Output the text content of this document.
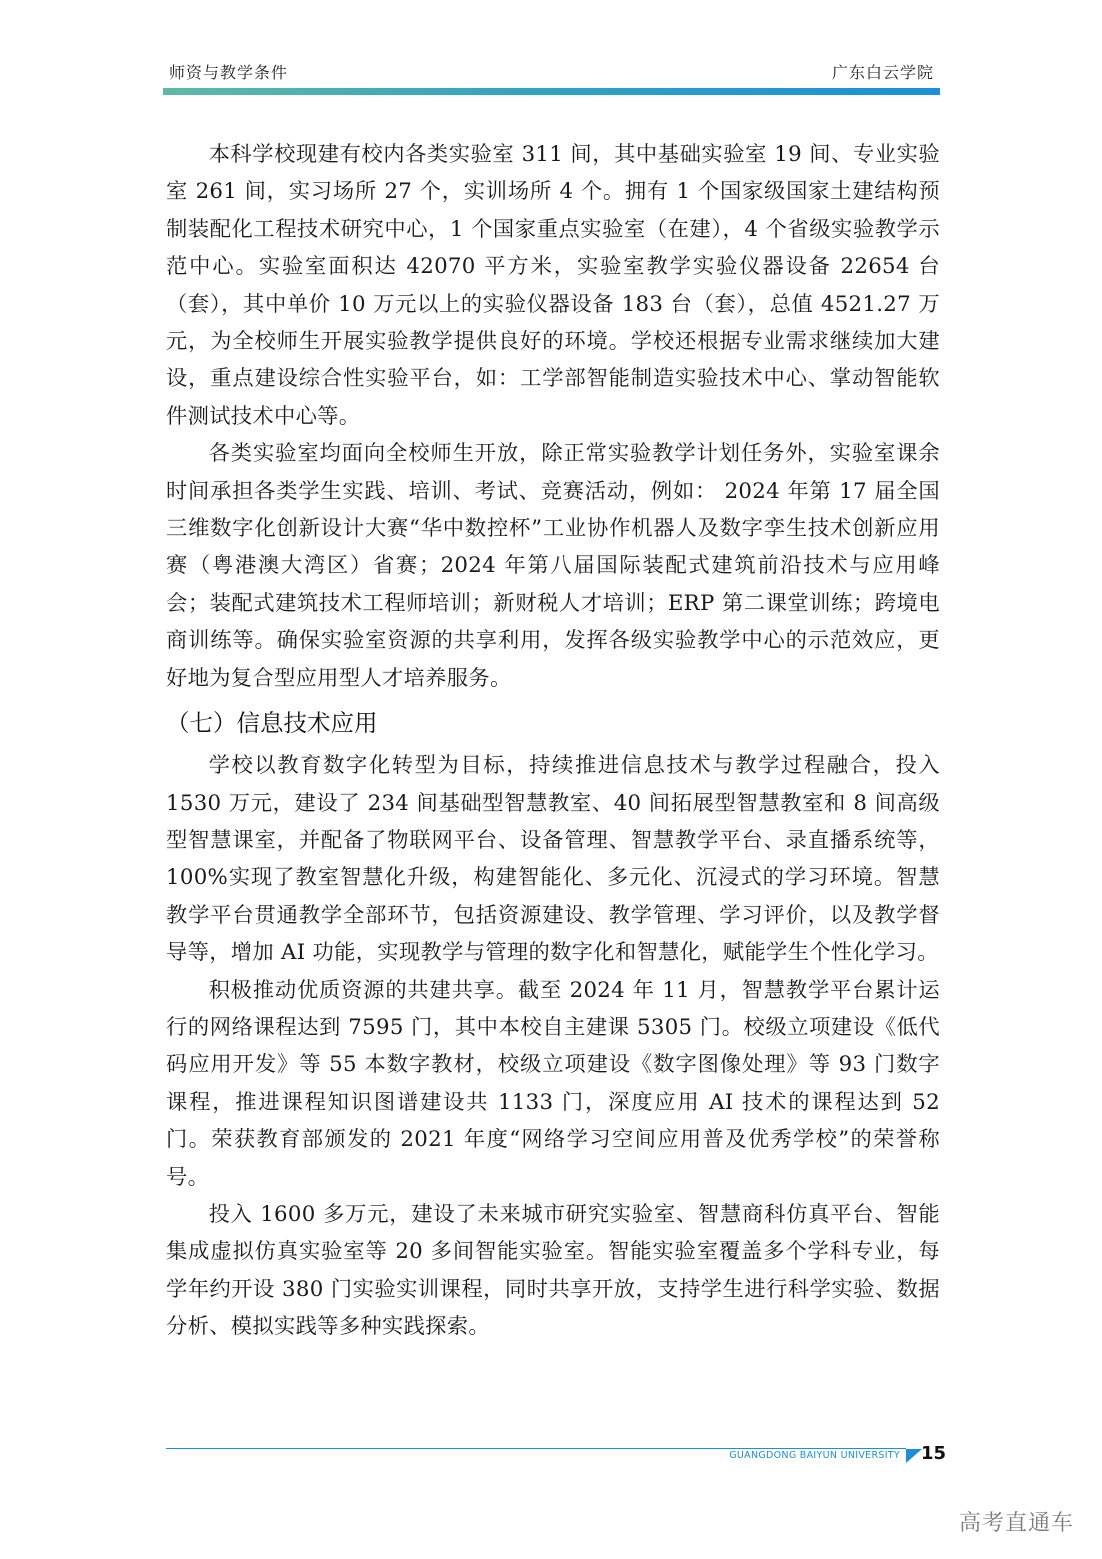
师资与教学条件	广东白云学院

本科学校现建有校内各类实验室 311 间，其中基础实验室 19 间、专业实验室 261 间，实习场所 27 个，实训场所 4 个。拥有 1 个国家级国家土建结构预制装配化工程技术研究中心，1 个国家重点实验室（在建），4 个省级实验教学示范中心。实验室面积达 42070 平方米，实验室教学实验仪器设备 22654 台（套），其中单价 10 万元以上的实验仪器设备 183 台（套），总值 4521.27 万元，为全校师生开展实验教学提供良好的环境。学校还根据专业需求继续加大建设，重点建设综合性实验平台，如：工学部智能制造实验技术中心、掌动智能软件测试技术中心等。

各类实验室均面向全校师生开放，除正常实验教学计划任务外，实验室课余时间承担各类学生实践、培训、考试、竞赛活动，例如： 2024 年第 17 届全国三维数字化创新设计大赛“华中数控杯”工业协作机器人及数字孪生技术创新应用赛（粤港澳大湾区）省赛；2024 年第八届国际装配式建筑前沿技术与应用峰会；装配式建筑技术工程师培训；新财税人才培训；ERP 第二课堂训练；跨境电商训练等。确保实验室资源的共享利用，发挥各级实验教学中心的示范效应，更好地为复合型应用型人才培养服务。

（七）信息技术应用

学校以教育数字化转型为目标，持续推进信息技术与教学过程融合，投入 1530 万元，建设了 234 间基础型智慧教室、40 间拓展型智慧教室和 8 间高级型智慧课室，并配备了物联网平台、设备管理、智慧教学平台、录直播系统等，100%实现了教室智慧化升级，构建智能化、多元化、沉浸式的学习环境。智慧教学平台贯通教学全部环节，包括资源建设、教学管理、学习评价，以及教学督导等，增加 AI 功能，实现教学与管理的数字化和智慧化，赋能学生个性化学习。

积极推动优质资源的共建共享。截至 2024 年 11 月，智慧教学平台累计运行的网络课程达到 7595 门，其中本校自主建课 5305 门。校级立项建设《低代码应用开发》等 55 本数字教材，校级立项建设《数字图像处理》等 93 门数字课程，推进课程知识图谱建设共 1133 门，深度应用 AI 技术的课程达到 52 门。荣获教育部颁发的 2021 年度“网络学习空间应用普及优秀学校”的荣誉称号。

投入 1600 多万元，建设了未来城市研究实验室、智慧商科仿真平台、智能集成虚拟仿真实验室等 20 多间智能实验室。智能实验室覆盖多个学科专业，每学年约开设 380 门实验实训课程，同时共享开放，支持学生进行科学实验、数据分析、模拟实践等多种实践探索。

GUANGDONG BAIYUN UNIVERSITY 15
高考直通车
